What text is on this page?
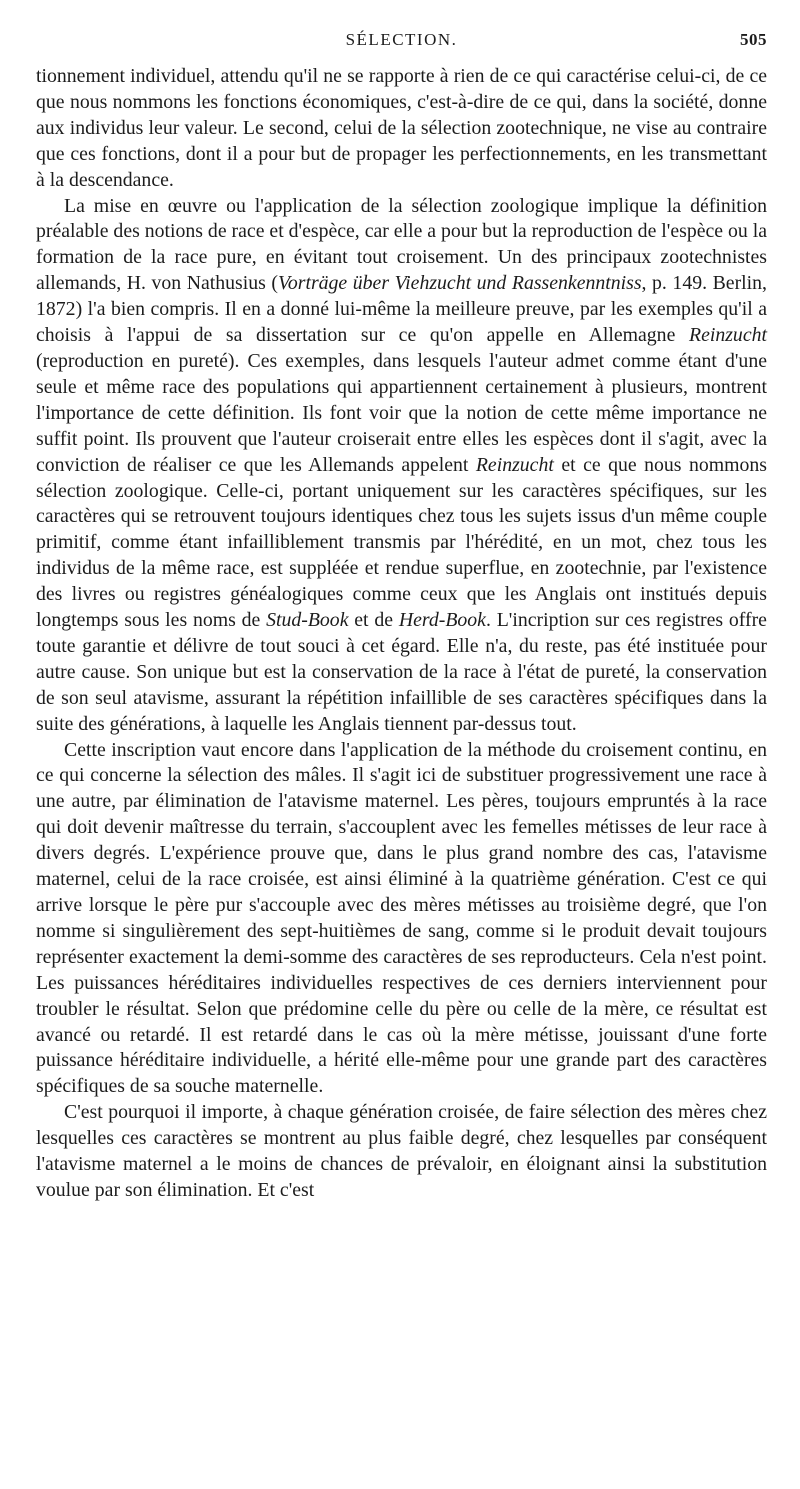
SÉLECTION.	505

tionnement individuel, attendu qu'il ne se rapporte à rien de ce qui caractérise celui-ci, de ce que nous nommons les fonctions économiques, c'est-à-dire de ce qui, dans la société, donne aux individus leur valeur. Le second, celui de la sélection zootechnique, ne vise au contraire que ces fonctions, dont il a pour but de propager les perfectionnements, en les transmettant à la descendance.

La mise en œuvre ou l'application de la sélection zoologique implique la définition préalable des notions de race et d'espèce, car elle a pour but la reproduction de l'espèce ou la formation de la race pure, en évitant tout croisement. Un des principaux zootechnistes allemands, H. von Nathusius (Vorträge über Viehzucht und Rassenkenntniss, p. 149. Berlin, 1872) l'a bien compris. Il en a donné lui-même la meilleure preuve, par les exemples qu'il a choisis à l'appui de sa dissertation sur ce qu'on appelle en Allemagne Reinzucht (reproduction en pureté). Ces exemples, dans lesquels l'auteur admet comme étant d'une seule et même race des populations qui appartiennent certainement à plusieurs, montrent l'importance de cette définition. Ils font voir que la notion de cette même importance ne suffit point. Ils prouvent que l'auteur croiserait entre elles les espèces dont il s'agit, avec la conviction de réaliser ce que les Allemands appelent Reinzucht et ce que nous nommons sélection zoologique. Celle-ci, portant uniquement sur les caractères spécifiques, sur les caractères qui se retrouvent toujours identiques chez tous les sujets issus d'un même couple primitif, comme étant infailliblement transmis par l'hérédité, en un mot, chez tous les individus de la même race, est suppléée et rendue superflue, en zootechnie, par l'existence des livres ou registres généalogiques comme ceux que les Anglais ont institués depuis longtemps sous les noms de Stud-Book et de Herd-Book. L'incription sur ces registres offre toute garantie et délivre de tout souci à cet égard. Elle n'a, du reste, pas été instituée pour autre cause. Son unique but est la conservation de la race à l'état de pureté, la conservation de son seul atavisme, assurant la répétition infaillible de ses caractères spécifiques dans la suite des générations, à laquelle les Anglais tiennent par-dessus tout.

Cette inscription vaut encore dans l'application de la méthode du croisement continu, en ce qui concerne la sélection des mâles. Il s'agit ici de substituer progressivement une race à une autre, par élimination de l'atavisme maternel. Les pères, toujours empruntés à la race qui doit devenir maîtresse du terrain, s'accouplent avec les femelles métisses de leur race à divers degrés. L'expérience prouve que, dans le plus grand nombre des cas, l'atavisme maternel, celui de la race croisée, est ainsi éliminé à la quatrième génération. C'est ce qui arrive lorsque le père pur s'accouple avec des mères métisses au troisième degré, que l'on nomme si singulièrement des sept-huitièmes de sang, comme si le produit devait toujours représenter exactement la demi-somme des caractères de ses reproducteurs. Cela n'est point. Les puissances héréditaires individuelles respectives de ces derniers interviennent pour troubler le résultat. Selon que prédomine celle du père ou celle de la mère, ce résultat est avancé ou retardé. Il est retardé dans le cas où la mère métisse, jouissant d'une forte puissance héréditaire individuelle, a hérité elle-même pour une grande part des caractères spécifiques de sa souche maternelle.

C'est pourquoi il importe, à chaque génération croisée, de faire sélection des mères chez lesquelles ces caractères se montrent au plus faible degré, chez lesquelles par conséquent l'atavisme maternel a le moins de chances de prévaloir, en éloignant ainsi la substitution voulue par son élimination. Et c'est
